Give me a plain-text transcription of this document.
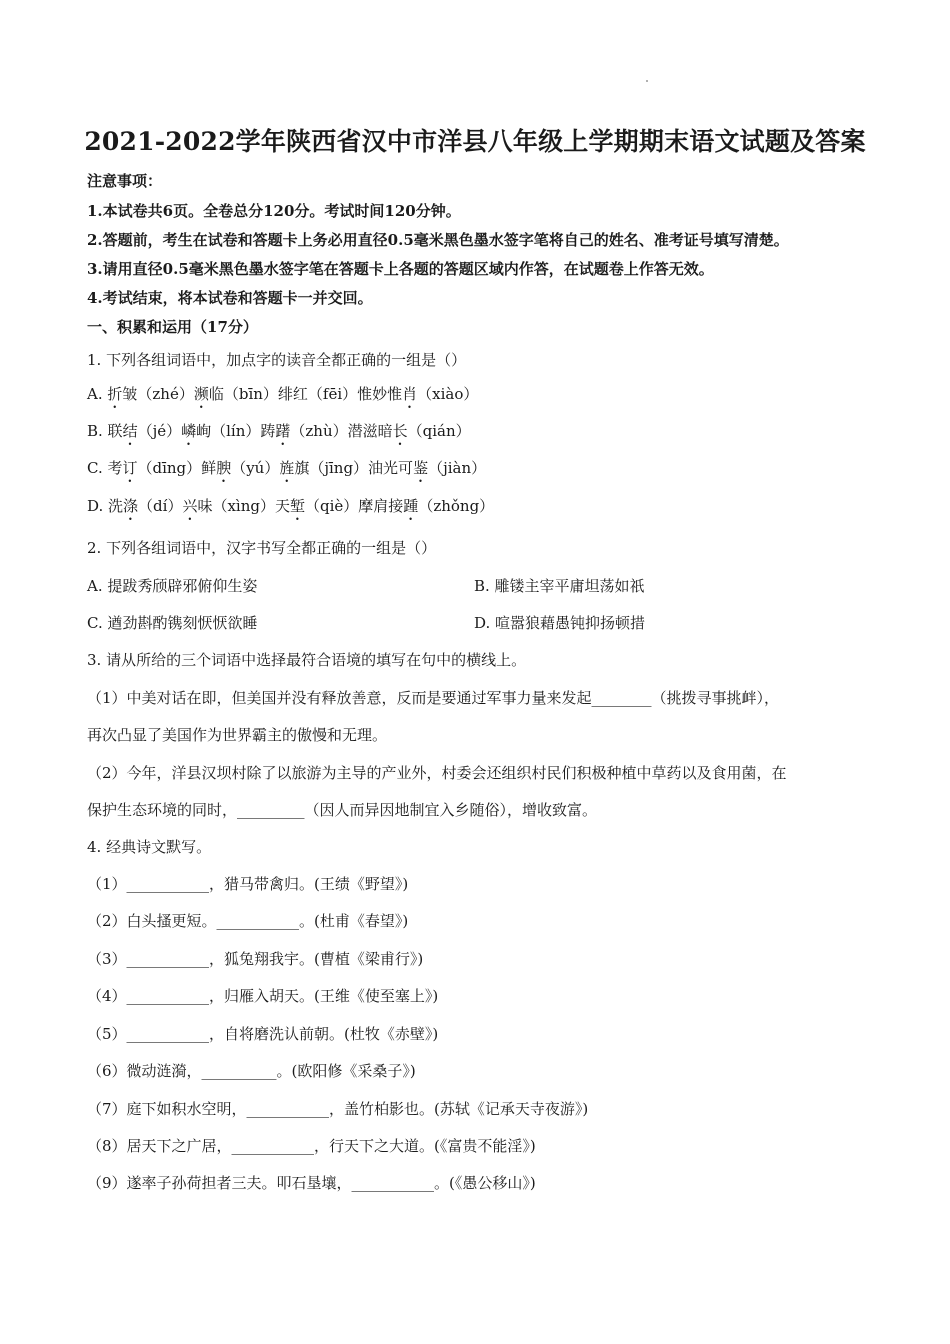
2021-2022学年陕西省汉中市洋县八年级上学期期末语文试题及答案
注意事项：
1.本试卷共6页。全卷总分120分。考试时间120分钟。
2.答题前，考生在试卷和答题卡上务必用直径0.5毫米黑色墨水签字笔将自己的姓名、准考证号填写清楚。
3.请用直径0.5毫米黑色墨水签字笔在答题卡上各题的答题区域内作答，在试题卷上作答无效。
4.考试结束，将本试卷和答题卡一并交回。
一、积累和运用（17分）
1. 下列各组词语中，加点字的读音全都正确的一组是（）
A. 折皱（zhé）濒临（bīn）绯红（fēi）惟妙惟肖（xiào）
B. 联结（jé）嶙峋（lín）踌躇（zhù）潜滋暗长（qián）
C. 考订（dīng）鲜腴（yú）旌旗（jīng）油光可鉴（jiàn）
D. 洗涤（dí）兴味（xìng）天堑（qiè）摩肩接踵（zhǒng）
2. 下列各组词语中，汉字书写全都正确的一组是（）
A. 提跋秀颀辟邪俯仰生姿	B. 雕镂主宰平庸坦荡如祇
C. 遒劲斟酌镌刻恹恹欲睡	D. 喧嚣狼藉愚钝抑扬顿措
3. 请从所给的三个词语中选择最符合语境的填写在句中的横线上。
（1）中美对话在即，但美国并没有释放善意，反而是要通过军事力量来发起________（挑拨寻事挑衅），
再次凸显了美国作为世界霸主的傲慢和无理。
（2）今年，洋县汉坝村除了以旅游为主导的产业外，村委会还组织村民们积极种植中草药以及食用菌，在
保护生态环境的同时，_________（因人而异因地制宜入乡随俗），增收致富。
4. 经典诗文默写。
（1）___________，猎马带禽归。(王绩《野望》)
（2）白头搔更短。___________。(杜甫《春望》)
（3）___________，狐兔翔我宇。(曹植《梁甫行》)
（4）___________，归雁入胡天。(王维《使至塞上》)
（5）___________，自将磨洗认前朝。(杜牧《赤壁》)
（6）微动涟漪，__________。(欧阳修《采桑子》)
（7）庭下如积水空明，___________，盖竹柏影也。(苏轼《记承天寺夜游》)
（8）居天下之广居，___________，行天下之大道。(《富贵不能淫》)
（9）遂率子孙荷担者三夫。叩石垦壤，___________。(《愚公移山》)
